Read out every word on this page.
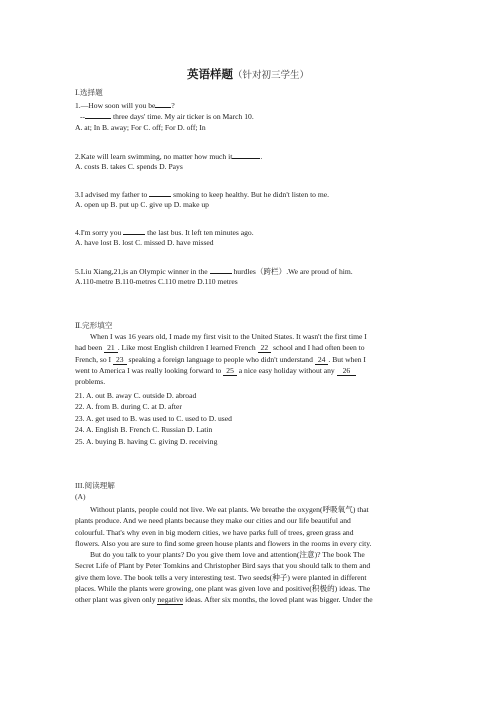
英语样题（针对初三学生）
Ⅰ.选择题
1.—How soon will you be ?
--	three days' time. My air ticker is on March 10.
A. at; In B. away; For C. off; For D. off; In
2.Kate will learn swimming, no matter how much it	.
A. costs B. takes C. spends D. Pays
3.I advised my father to	smoking to keep healthy. But he didn't listen to me.
A. open up B. put up C. give up D. make up
4.I'm sorry you	the last bus. It left ten minutes ago.
A. have lost B. lost C. missed D. have missed
5.Liu Xiang,21,is an Olympic winner in the	hurdles（跨栏）.We are proud of him.
A.110-metre B.110-metres C.110 metre D.110 metres
Ⅱ.完形填空
When I was 16 years old, I made my first visit to the United States. It wasn't the first time I
had been 21 . Like most English children I learned French 22 school and I had often been to
French, so I 23 speaking a foreign language to people who didn't understand 24 . But when I
went to America I was really looking forward to 25 a nice easy holiday without any 26
problems.
21. A. out B. away C. outside D. abroad
22. A. from B. during C. at D. after
23. A. get used to B. was used to C. used to D. used
24. A. English B. French C. Russian D. Latin
25. A. buying B. having C. giving D. receiving
III.阅读理解
(A)
Without plants, people could not live. We eat plants. We breathe the oxygen(呼吸氧气) that
plants produce. And we need plants because they make our cities and our life beautiful and
colourful. That's why even in big modern cities, we have parks full of trees, green grass and
flowers. Also you are sure to find some green house plants and flowers in the rooms in every city.
But do you talk to your plants? Do you give them love and attention(注意)? The book The
Secret Life of Plant by Peter Tomkins and Christopher Bird says that you should talk to them and
give them love. The book tells a very interesting test. Two seeds(种子) were planted in different
places. While the plants were growing, one plant was given love and positive(积极的) ideas. The
other plant was given only negative ideas. After six months, the loved plant was bigger. Under the
